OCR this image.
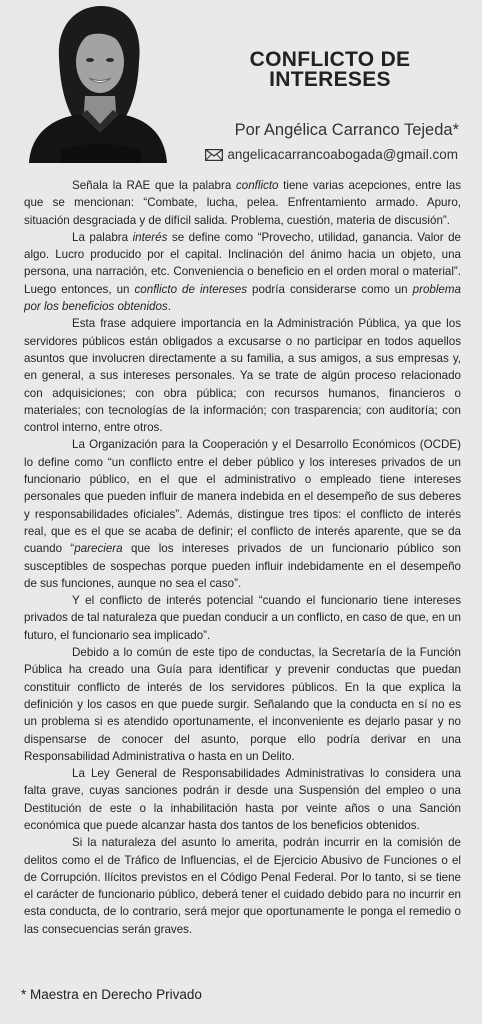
CONFLICTO DE
INTERESES
Por Angélica Carranco Tejeda*
angelicacarrancoabogada@gmail.com

Señala la RAE que la palabra conflicto tiene varias acepciones, entre las que se mencionan: “Combate, lucha, pelea. Enfrentamiento armado. Apuro, situación desgraciada y de difícil salida. Problema, cuestión, materia de discusión”.

La palabra interés se define como “Provecho, utilidad, ganancia. Valor de algo. Lucro producido por el capital. Inclinación del ánimo hacia un objeto, una persona, una narración, etc. Conveniencia o beneficio en el orden moral o material”. Luego entonces, un conflicto de intereses podría considerarse como un problema por los beneficios obtenidos.

Esta frase adquiere importancia en la Administración Pública, ya que los servidores públicos están obligados a excusarse o no participar en todos aquellos asuntos que involucren directamente a su familia, a sus amigos, a sus empresas y, en general, a sus intereses personales. Ya se trate de algún proceso relacionado con adquisiciones; con obra pública; con recursos humanos, financieros o materiales; con tecnologías de la información; con trasparencia; con auditoría; con control interno, entre otros.

La Organización para la Cooperación y el Desarrollo Económicos (OCDE) lo define como “un conflicto entre el deber público y los intereses privados de un funcionario público, en el que el administrativo o empleado tiene intereses personales que pueden influir de manera indebida en el desempeño de sus deberes y responsabilidades oficiales”. Además, distingue tres tipos: el conflicto de interés real, que es el que se acaba de definir; el conflicto de interés aparente, que se da cuando “pareciera que los intereses privados de un funcionario público son susceptibles de sospechas porque pueden influir indebidamente en el desempeño de sus funciones, aunque no sea el caso”.

Y el conflicto de interés potencial “cuando el funcionario tiene intereses privados de tal naturaleza que puedan conducir a un conflicto, en caso de que, en un futuro, el funcionario sea implicado”.

Debido a lo común de este tipo de conductas, la Secretaría de la Función Pública ha creado una Guía para identificar y prevenir conductas que puedan constituir conflicto de interés de los servidores públicos. En la que explica la definición y los casos en que puede surgir. Señalando que la conducta en sí no es un problema si es atendido oportunamente, el inconveniente es dejarlo pasar y no dispensarse de conocer del asunto, porque ello podría derivar en una Responsabilidad Administrativa o hasta en un Delito.

La Ley General de Responsabilidades Administrativas lo considera una falta grave, cuyas sanciones podrán ir desde una Suspensión del empleo o una Destitución de este o la inhabilitación hasta por veinte años o una Sanción económica que puede alcanzar hasta dos tantos de los beneficios obtenidos.

Si la naturaleza del asunto lo amerita, podrán incurrir en la comisión de delitos como el de Tráfico de Influencias, el de Ejercicio Abusivo de Funciones o el de Corrupción. Ilícitos previstos en el Código Penal Federal. Por lo tanto, si se tiene el carácter de funcionario público, deberá tener el cuidado debido para no incurrir en esta conducta, de lo contrario, será mejor que oportunamente le ponga el remedio o las consecuencias serán graves.

* Maestra en Derecho Privado
